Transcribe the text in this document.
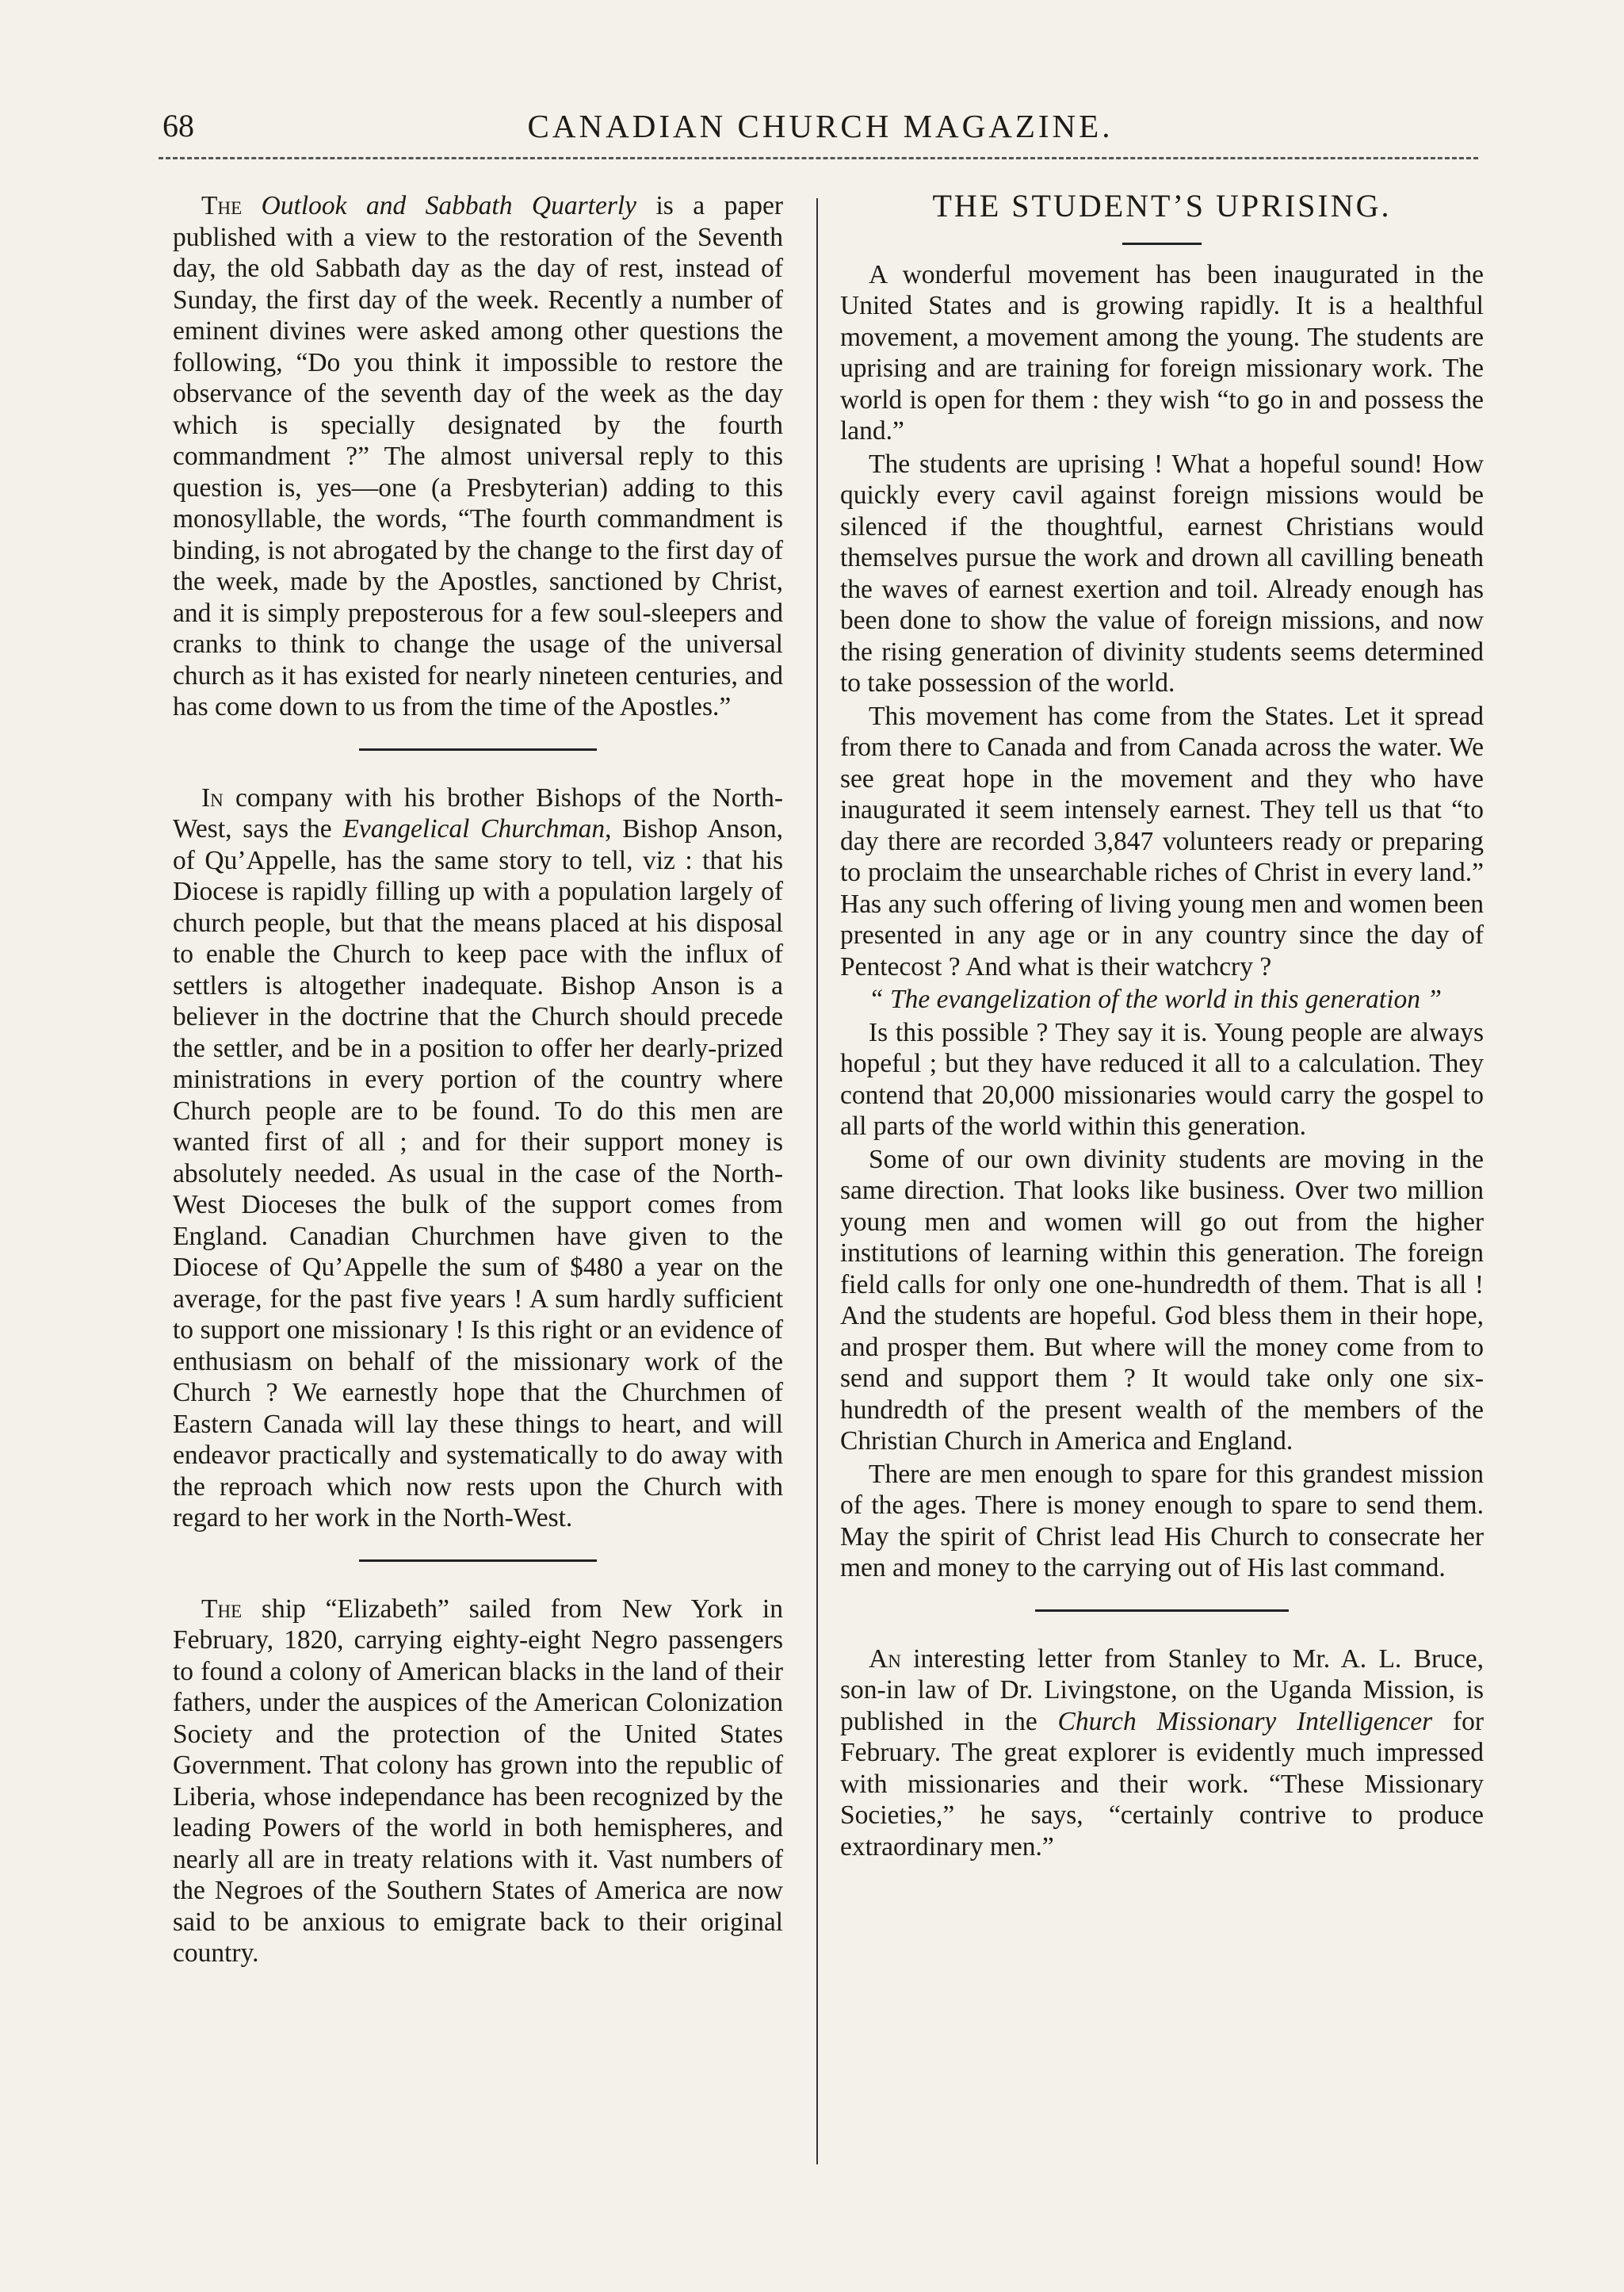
68	CANADIAN CHURCH MAGAZINE.

The Outlook and Sabbath Quarterly is a paper published with a view to the restoration of the Seventh day, the old Sabbath day as the day of rest, instead of Sunday, the first day of the week. Recently a number of eminent divines were asked among other questions the following, “Do you think it impossible to restore the observance of the seventh day of the week as the day which is specially designated by the fourth commandment ?” The almost universal reply to this question is, yes—one (a Presbyterian) adding to this monosyllable, the words, “The fourth commandment is binding, is not abrogated by the change to the first day of the week, made by the Apostles, sanctioned by Christ, and it is simply preposterous for a few soul-sleepers and cranks to think to change the usage of the universal church as it has existed for nearly nineteen centuries, and has come down to us from the time of the Apostles.”

In company with his brother Bishops of the North-West, says the Evangelical Churchman, Bishop Anson, of Qu’Appelle, has the same story to tell, viz : that his Diocese is rapidly filling up with a population largely of church people, but that the means placed at his disposal to enable the Church to keep pace with the influx of settlers is altogether inadequate. Bishop Anson is a believer in the doctrine that the Church should precede the settler, and be in a position to offer her dearly-prized ministrations in every portion of the country where Church people are to be found. To do this men are wanted first of all ; and for their support money is absolutely needed. As usual in the case of the North-West Dioceses the bulk of the support comes from England. Canadian Churchmen have given to the Diocese of Qu’Appelle the sum of $480 a year on the average, for the past five years ! A sum hardly sufficient to support one missionary ! Is this right or an evidence of enthusiasm on behalf of the missionary work of the Church ? We earnestly hope that the Churchmen of Eastern Canada will lay these things to heart, and will endeavor practically and systematically to do away with the reproach which now rests upon the Church with regard to her work in the North-West.

The ship “Elizabeth” sailed from New York in February, 1820, carrying eighty-eight Negro passengers to found a colony of American blacks in the land of their fathers, under the auspices of the American Colonization Society and the protection of the United States Government. That colony has grown into the republic of Liberia, whose independance has been recognized by the leading Powers of the world in both hemispheres, and nearly all are in treaty relations with it. Vast numbers of the Negroes of the Southern States of America are now said to be anxious to emigrate back to their original country.

THE STUDENT’S UPRISING.

A wonderful movement has been inaugurated in the United States and is growing rapidly. It is a healthful movement, a movement among the young. The students are uprising and are training for foreign missionary work. The world is open for them : they wish “to go in and possess the land.”

The students are uprising ! What a hopeful sound! How quickly every cavil against foreign missions would be silenced if the thoughtful, earnest Christians would themselves pursue the work and drown all cavilling beneath the waves of earnest exertion and toil. Already enough has been done to show the value of foreign missions, and now the rising generation of divinity students seems determined to take possession of the world.

This movement has come from the States. Let it spread from there to Canada and from Canada across the water. We see great hope in the movement and they who have inaugurated it seem intensely earnest. They tell us that “to day there are recorded 3,847 volunteers ready or preparing to proclaim the unsearchable riches of Christ in every land.” Has any such offering of living young men and women been presented in any age or in any country since the day of Pentecost ? And what is their watchcry ?

“ The evangelization of the world in this generation ”

Is this possible ? They say it is. Young people are always hopeful ; but they have reduced it all to a calculation. They contend that 20,000 missionaries would carry the gospel to all parts of the world within this generation.

Some of our own divinity students are moving in the same direction. That looks like business. Over two million young men and women will go out from the higher institutions of learning within this generation. The foreign field calls for only one one-hundredth of them. That is all ! And the students are hopeful. God bless them in their hope, and prosper them. But where will the money come from to send and support them ? It would take only one six-hundredth of the present wealth of the members of the Christian Church in America and England.

There are men enough to spare for this grandest mission of the ages. There is money enough to spare to send them. May the spirit of Christ lead His Church to consecrate her men and money to the carrying out of His last command.

An interesting letter from Stanley to Mr. A. L. Bruce, son-in law of Dr. Livingstone, on the Uganda Mission, is published in the Church Missionary Intelligencer for February. The great explorer is evidently much impressed with missionaries and their work. “These Missionary Societies,” he says, “certainly contrive to produce extraordinary men.”
